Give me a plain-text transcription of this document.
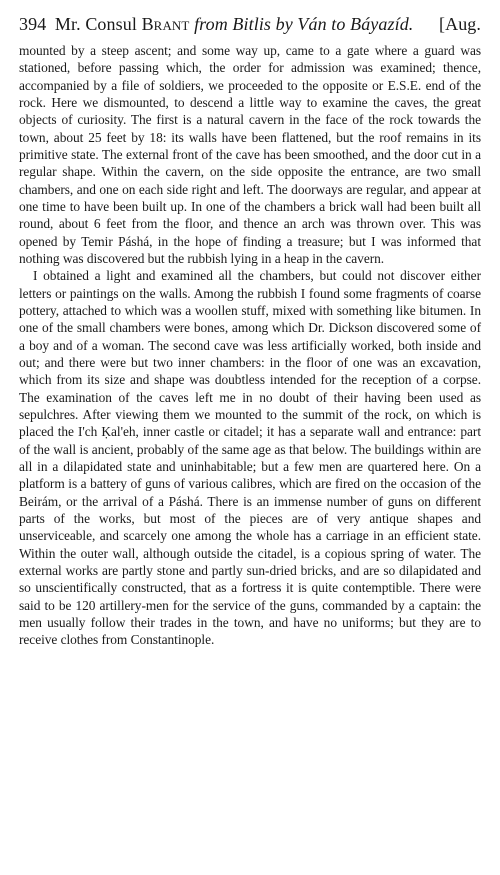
394 Mr. Consul Brant from Bitlis by Ván to Báyazíd. [Aug.

mounted by a steep ascent; and some way up, came to a gate where a guard was stationed, before passing which, the order for admission was examined; thence, accompanied by a file of soldiers, we proceeded to the opposite or E.S.E. end of the rock. Here we dismounted, to descend a little way to examine the caves, the great objects of curiosity. The first is a natural cavern in the face of the rock towards the town, about 25 feet by 18: its walls have been flattened, but the roof remains in its primitive state. The external front of the cave has been smoothed, and the door cut in a regular shape. Within the cavern, on the side opposite the entrance, are two small chambers, and one on each side right and left. The doorways are regular, and appear at one time to have been built up. In one of the chambers a brick wall had been built all round, about 6 feet from the floor, and thence an arch was thrown over. This was opened by Temir Páshá, in the hope of finding a treasure; but I was informed that nothing was discovered but the rubbish lying in a heap in the cavern.

I obtained a light and examined all the chambers, but could not discover either letters or paintings on the walls. Among the rubbish I found some fragments of coarse pottery, attached to which was a woollen stuff, mixed with something like bitumen. In one of the small chambers were bones, among which Dr. Dickson discovered some of a boy and of a woman. The second cave was less artificially worked, both inside and out; and there were but two inner chambers: in the floor of one was an excavation, which from its size and shape was doubtless intended for the reception of a corpse. The examination of the caves left me in no doubt of their having been used as sepulchres. After viewing them we mounted to the summit of the rock, on which is placed the I'ch Ḳal'eh, inner castle or citadel; it has a separate wall and entrance: part of the wall is ancient, probably of the same age as that below. The buildings within are all in a dilapidated state and uninhabitable; but a few men are quartered here. On a platform is a battery of guns of various calibres, which are fired on the occasion of the Beirám, or the arrival of a Páshá. There is an immense number of guns on different parts of the works, but most of the pieces are of very antique shapes and unserviceable, and scarcely one among the whole has a carriage in an efficient state. Within the outer wall, although outside the citadel, is a copious spring of water. The external works are partly stone and partly sun-dried bricks, and are so dilapidated and so unscientifically constructed, that as a fortress it is quite contemptible. There were said to be 120 artillery-men for the service of the guns, commanded by a captain: the men usually follow their trades in the town, and have no uniforms; but they are to receive clothes from Constantinople.
